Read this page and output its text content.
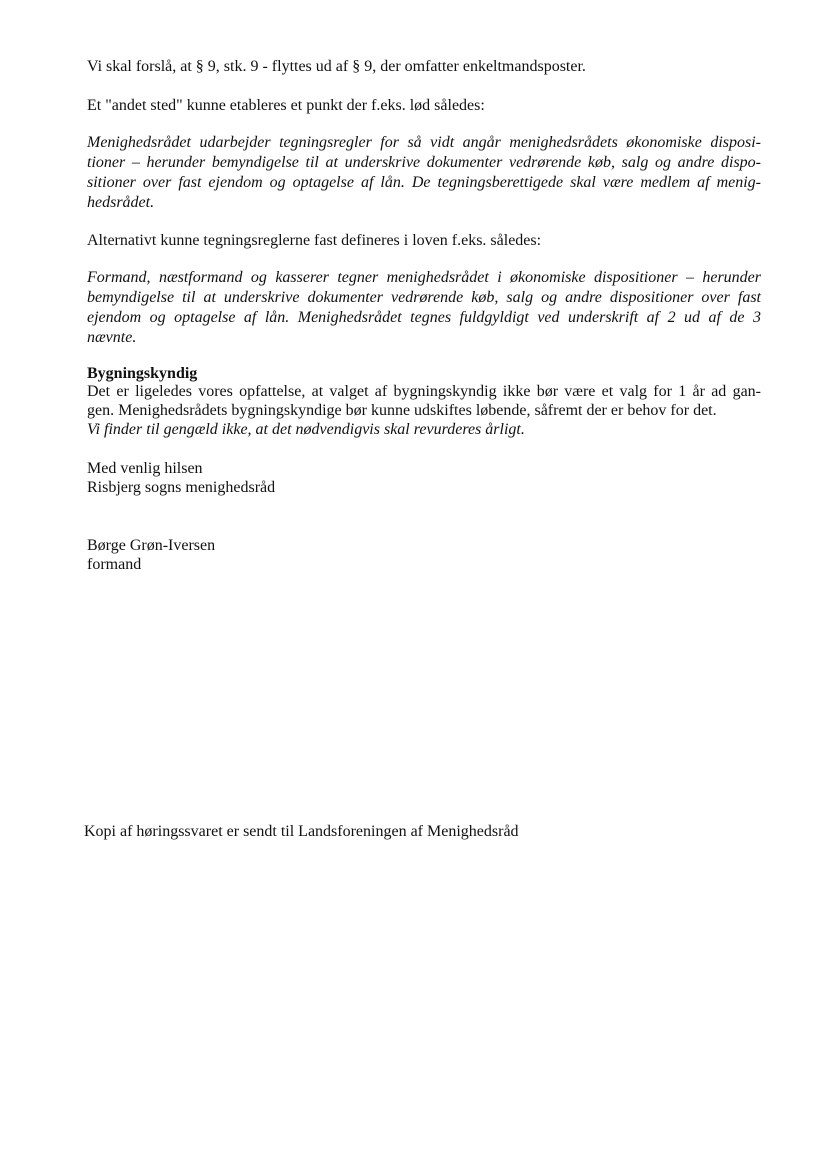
Vi skal forslå, at § 9, stk. 9 - flyttes ud af § 9, der omfatter enkeltmandsposter.
Et "andet sted" kunne etableres et punkt der f.eks. lød således:
Menighedsrådet udarbejder tegningsregler for så vidt angår menighedsrådets økonomiske disposi-
tioner – herunder bemyndigelse til at underskrive dokumenter vedrørende køb, salg og andre dispo-
sitioner over fast ejendom og optagelse af lån. De tegningsberettigede skal være medlem af menig-
hedsrådet.
Alternativt kunne tegningsreglerne fast defineres i loven f.eks. således:
Formand, næstformand og kasserer tegner menighedsrådet i økonomiske dispositioner – herunder
bemyndigelse til at underskrive dokumenter vedrørende køb, salg og andre dispositioner over fast
ejendom og optagelse af lån. Menighedsrådet tegnes fuldgyldigt ved underskrift af 2 ud af de 3
nævnte.
Bygningskyndig
Det er ligeledes vores opfattelse, at valget af bygningskyndig ikke bør være et valg for 1 år ad gan-
gen. Menighedsrådets bygningskyndige bør kunne udskiftes løbende, såfremt der er behov for det.
Vi finder til gengæld ikke, at det nødvendigvis skal revurderes årligt.
Med venlig hilsen
Risbjerg sogns menighedsråd
Børge Grøn-Iversen
formand
Kopi af høringssvaret er sendt til Landsforeningen af Menighedsråd
